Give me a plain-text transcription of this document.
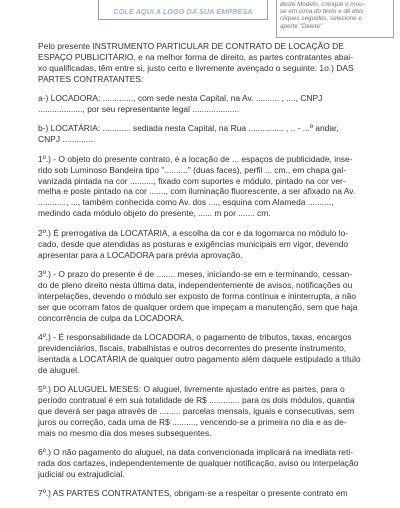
COLE AQUI A LOGO DA SUA EMPRESA
deste Modelo, coloque o mou-
se em cima do texto e dê dois
cliques seguidos, selecione e
aperte "Delete"

Pelo presente INSTRUMENTO PARTICULAR DE CONTRATO DE LOCAÇÃO DE
ESPAÇO PUBLICITÁRIO, e na melhor forma de direito, as partes contratantes abai-
xo qualificadas, têm entre si, justo certo e livremente avençado o seguinte: 1o.) DAS
PARTES CONTRATANTES:

a-) LOCADORA: ............., com sede nesta Capital, na Av. .......... , ...., CNPJ
..................., por seu representante legal ....................

b-) LOCATÁRIA: ............ sediada nesta Capital, na Rua ............... , .. - ...º andar,
CNPJ ..............

1º.) - O objeto do presente contrato, é a locação de ... espaços de publicidade, inse-
rido sob Luminoso Bandeira tipo ".........." (duas faces), perfil ... cm., em chapa gal-
vanizada pintada na cor .........., fixado com suportes e módulo, pintado na cor ver-
melha e poste pintado na cor ......., com iluminação fluorescente, a ser afixado na Av.
............, ..., também conhecida como Av. dos ...., esquina com Alameda ..........,
medindo cada módulo objeto do presente, ...... m por ....... cm.

2º.) É prerrogativa da LOCATÁRIA, a escolha da cor e da logomarca no módulo lo-
cado, desde que atendidas as posturas e exigências municipais em vigor, devendo
apresentar para a LOCADORA para prévia aprovação.

3º.) - O prazo do presente é de ........ meses, iniciando-se em e terminando, cessan-
do de pleno direito nesta última data, independentemente de avisos, notificações ou
interpelações, devendo o módulo ser exposto de forma contínua e ininterrupta, a não
ser que ocorram fatos de qualquer ordem que impeçam a manutenção, sem que haja
concorrência de culpa da LOCADORA.

4º.) - É responsabilidade da LOCADORA, o pagamento de tributos, taxas, encargos
previdenciários, fiscais, trabalhistas e outros decorrentes do presente instrumento,
isentada a LOCATÁRIA de qualquer outro pagamento além daquele estipulado a título
de aluguel.

5º.) DO ALUGUEL MESES: O aluguel, livremente ajustado entre as partes, para o
período contratual é em sua totalidade de R$ ............. para os dois módulos, quantia
que deverá ser paga através de ......... parcelas mensais, iguais e consecutivas, sem
juros ou correção, cada uma de R$ .........., vencendo-se a primeira no dia e as de-
mais no mesmo dia dos meses subsequentes.

6º.) O não pagamento do aluguel, na data convencionada implicará na imediata reti-
rada dos cartazes, independentemente de qualquer notificação, aviso ou interpelação
judicial ou extrajudicial.

7º.) AS PARTES CONTRATANTES, obrigam-se a respeitar o presente contrato em
